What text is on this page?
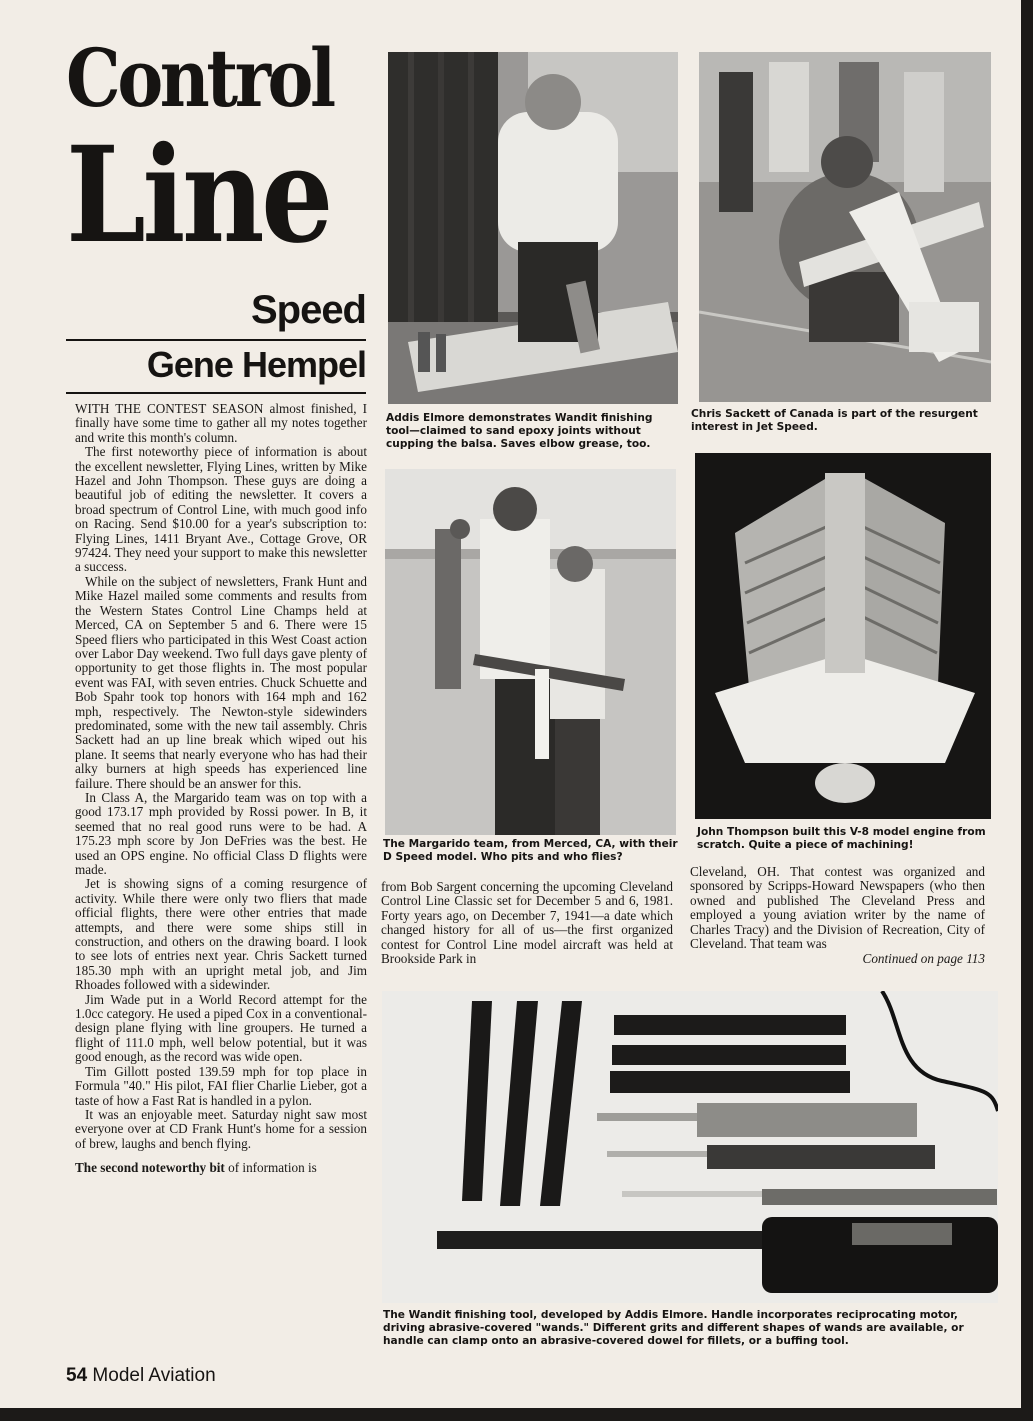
Control
Line
Speed
Gene Hempel
Addis Elmore demonstrates Wandit finishing tool—claimed to sand epoxy joints without cupping the balsa. Saves elbow grease, too.
Chris Sackett of Canada is part of the resurgent interest in Jet Speed.
The Margarido team, from Merced, CA, with their D Speed model. Who pits and who flies?
John Thompson built this V-8 model engine from scratch. Quite a piece of machining!

WITH THE CONTEST SEASON almost finished, I finally have some time to gather all my notes together and write this month's column.

The first noteworthy piece of information is about the excellent newsletter, Flying Lines, written by Mike Hazel and John Thompson. These guys are doing a beautiful job of editing the newsletter. It covers a broad spectrum of Control Line, with much good info on Racing. Send $10.00 for a year's subscription to: Flying Lines, 1411 Bryant Ave., Cottage Grove, OR 97424. They need your support to make this newsletter a success.

While on the subject of newsletters, Frank Hunt and Mike Hazel mailed some comments and results from the Western States Control Line Champs held at Merced, CA on September 5 and 6. There were 15 Speed fliers who participated in this West Coast action over Labor Day weekend. Two full days gave plenty of opportunity to get those flights in. The most popular event was FAI, with seven entries. Chuck Schuette and Bob Spahr took top honors with 164 mph and 162 mph, respectively. The Newton-style sidewinders predominated, some with the new tail assembly. Chris Sackett had an up line break which wiped out his plane. It seems that nearly everyone who has had their alky burners at high speeds has experienced line failure. There should be an answer for this.

In Class A, the Margarido team was on top with a good 173.17 mph provided by Rossi power. In B, it seemed that no real good runs were to be had. A 175.23 mph score by Jon DeFries was the best. He used an OPS engine. No official Class D flights were made.

Jet is showing signs of a coming resurgence of activity. While there were only two fliers that made official flights, there were other entries that made attempts, and there were some ships still in construction, and others on the drawing board. I look to see lots of entries next year. Chris Sackett turned 185.30 mph with an upright metal job, and Jim Rhoades followed with a sidewinder.

Jim Wade put in a World Record attempt for the 1.0cc category. He used a piped Cox in a conventional-design plane flying with line groupers. He turned a flight of 111.0 mph, well below potential, but it was good enough, as the record was wide open.

Tim Gillott posted 139.59 mph for top place in Formula "40." His pilot, FAI flier Charlie Lieber, got a taste of how a Fast Rat is handled in a pylon.

It was an enjoyable meet. Saturday night saw most everyone over at CD Frank Hunt's home for a session of brew, laughs and bench flying.

The second noteworthy bit of information is

from Bob Sargent concerning the upcoming Cleveland Control Line Classic set for December 5 and 6, 1981. Forty years ago, on December 7, 1941—a date which changed history for all of us—the first organized contest for Control Line model aircraft was held at Brookside Park in

Cleveland, OH. That contest was organized and sponsored by Scripps-Howard Newspapers (who then owned and published The Cleveland Press and employed a young aviation writer by the name of Charles Tracy) and the Division of Recreation, City of Cleveland. That team was

Continued on page 113
The Wandit finishing tool, developed by Addis Elmore. Handle incorporates reciprocating motor, driving abrasive-covered "wands." Different grits and different shapes of wands are available, or handle can clamp onto an abrasive-covered dowel for fillets, or a buffing tool.
54 Model Aviation
